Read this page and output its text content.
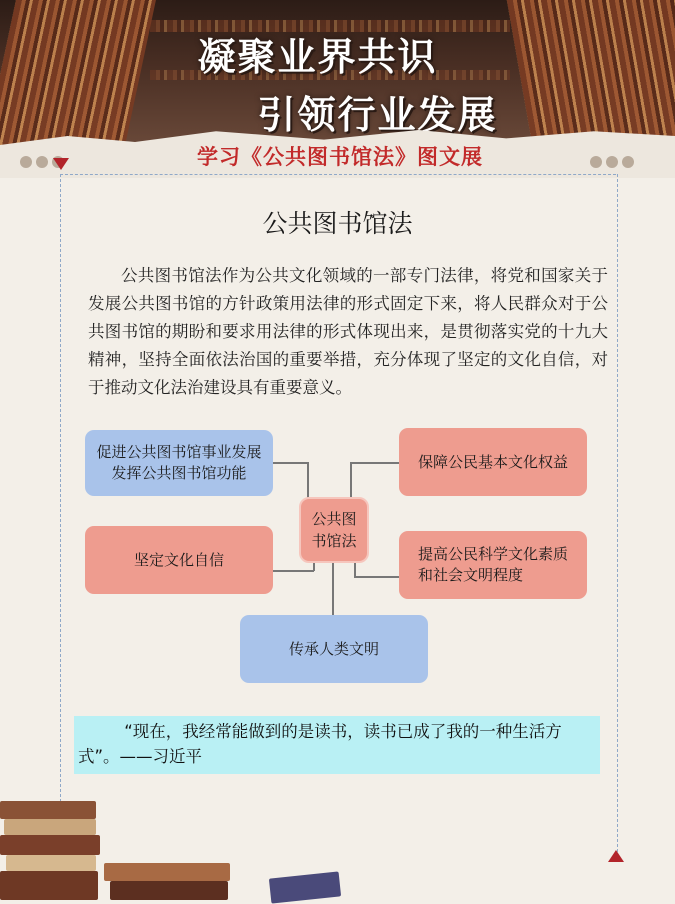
凝聚业界共识
引领行业发展
学习《公共图书馆法》图文展
公共图书馆法
公共图书馆法作为公共文化领域的一部专门法律，将党和国家关于发展公共图书馆的方针政策用法律的形式固定下来，将人民群众对于公共图书馆的期盼和要求用法律的形式体现出来，是贯彻落实党的十九大精神，坚持全面依法治国的重要举措，充分体现了坚定的文化自信，对于推动文化法治建设具有重要意义。
促进公共图书馆事业发展
发挥公共图书馆功能
保障公民基本文化权益
公共图
书馆法
坚定文化自信	提高公民科学文化素质
和社会文明程度
传承人类文明

“现在，我经常能做到的是读书，读书已成了我的一种生活方式”。——习近平
